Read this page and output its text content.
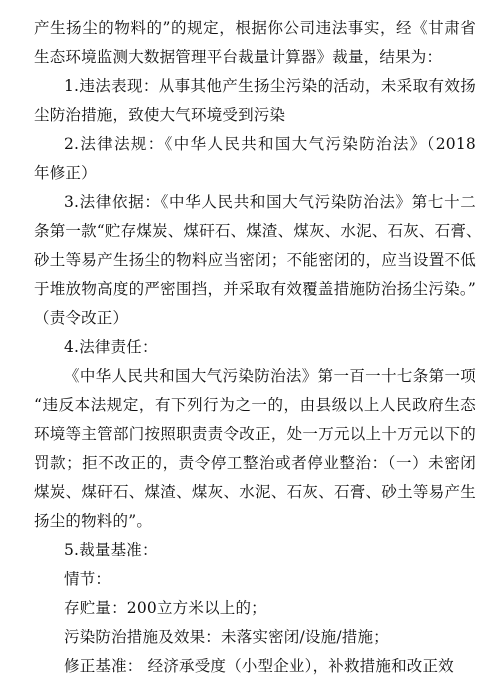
产生扬尘的物料的”的规定，根据你公司违法事实，经《甘肃省
生态环境监测大数据管理平台裁量计算器》裁量，结果为：
1.违法表现：从事其他产生扬尘污染的活动，未采取有效扬
尘防治措施，致使大气环境受到污染
2.法律法规：《中华人民共和国大气污染防治法》（2018
年修正）
3.法律依据：《中华人民共和国大气污染防治法》第七十二
条第一款“贮存煤炭、煤矸石、煤渣、煤灰、水泥、石灰、石膏、
砂土等易产生扬尘的物料应当密闭；不能密闭的，应当设置不低
于堆放物高度的严密围挡，并采取有效覆盖措施防治扬尘污染。”
（责令改正）
4.法律责任：
《中华人民共和国大气污染防治法》第一百一十七条第一项
“违反本法规定，有下列行为之一的，由县级以上人民政府生态
环境等主管部门按照职责责令改正，处一万元以上十万元以下的
罚款；拒不改正的，责令停工整治或者停业整治：（一）未密闭
煤炭、煤矸石、煤渣、煤灰、水泥、石灰、石膏、砂土等易产生
扬尘的物料的”。
5.裁量基准：
情节：
存贮量：200立方米以上的；
污染防治措施及效果：未落实密闭/设施/措施；
修正基准： 经济承受度（小型企业），补救措施和改正效
